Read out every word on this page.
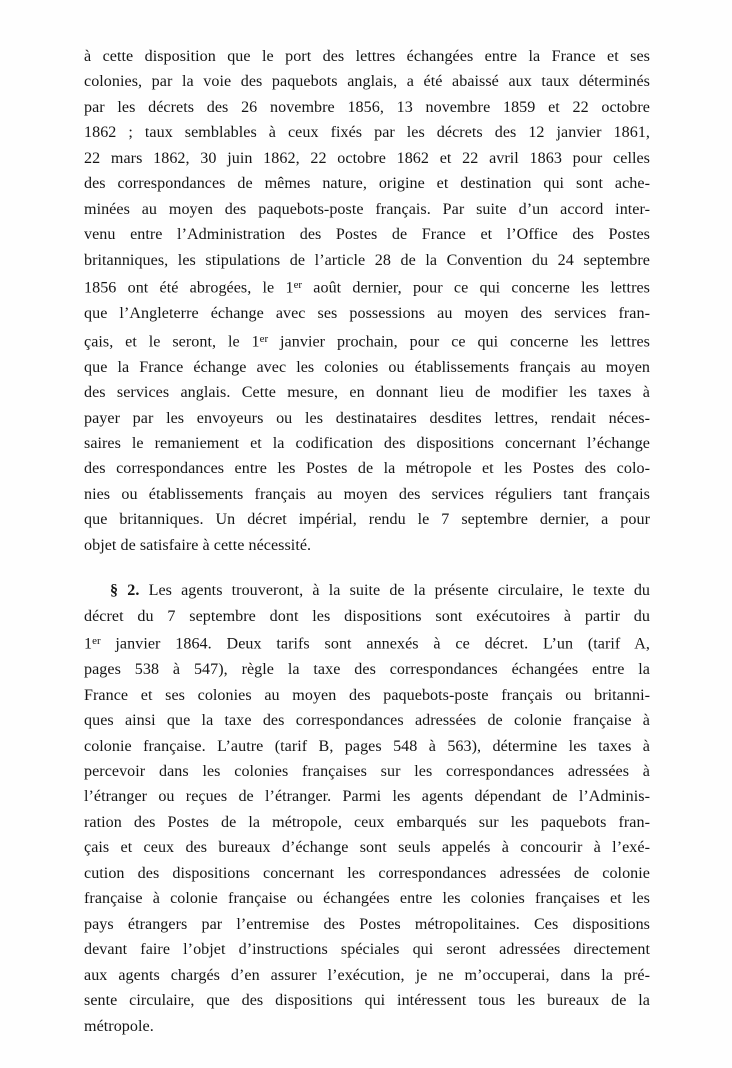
à cette disposition que le port des lettres échangées entre la France et ses
colonies, par la voie des paquebots anglais, a été abaissé aux taux déterminés
par les décrets des 26 novembre 1856, 13 novembre 1859 et 22 octobre
1862 ; taux semblables à ceux fixés par les décrets des 12 janvier 1861,
22 mars 1862, 30 juin 1862, 22 octobre 1862 et 22 avril 1863 pour celles
des correspondances de mêmes nature, origine et destination qui sont ache-
minées au moyen des paquebots-poste français. Par suite d’un accord inter-
venu entre l’Administration des Postes de France et l’Office des Postes
britanniques, les stipulations de l’article 28 de la Convention du 24 septembre
1856 ont été abrogées, le 1er août dernier, pour ce qui concerne les lettres
que l’Angleterre échange avec ses possessions au moyen des services fran-
çais, et le seront, le 1er janvier prochain, pour ce qui concerne les lettres
que la France échange avec les colonies ou établissements français au moyen
des services anglais. Cette mesure, en donnant lieu de modifier les taxes à
payer par les envoyeurs ou les destinataires desdites lettres, rendait néces-
saires le remaniement et la codification des dispositions concernant l’échange
des correspondances entre les Postes de la métropole et les Postes des colo-
nies ou établissements français au moyen des services réguliers tant français
que britanniques. Un décret impérial, rendu le 7 septembre dernier, a pour
objet de satisfaire à cette nécessité.
§ 2. Les agents trouveront, à la suite de la présente circulaire, le texte du
décret du 7 septembre dont les dispositions sont exécutoires à partir du
1er janvier 1864. Deux tarifs sont annexés à ce décret. L’un (tarif A,
pages 538 à 547), règle la taxe des correspondances échangées entre la
France et ses colonies au moyen des paquebots-poste français ou britanni-
ques ainsi que la taxe des correspondances adressées de colonie française à
colonie française. L’autre (tarif B, pages 548 à 563), détermine les taxes à
percevoir dans les colonies françaises sur les correspondances adressées à
l’étranger ou reçues de l’étranger. Parmi les agents dépendant de l’Adminis-
ration des Postes de la métropole, ceux embarqués sur les paquebots fran-
çais et ceux des bureaux d’échange sont seuls appelés à concourir à l’exé-
cution des dispositions concernant les correspondances adressées de colonie
française à colonie française ou échangées entre les colonies françaises et les
pays étrangers par l’entremise des Postes métropolitaines. Ces dispositions
devant faire l’objet d’instructions spéciales qui seront adressées directement
aux agents chargés d’en assurer l’exécution, je ne m’occuperai, dans la pré-
sente circulaire, que des dispositions qui intéressent tous les bureaux de la
métropole.
